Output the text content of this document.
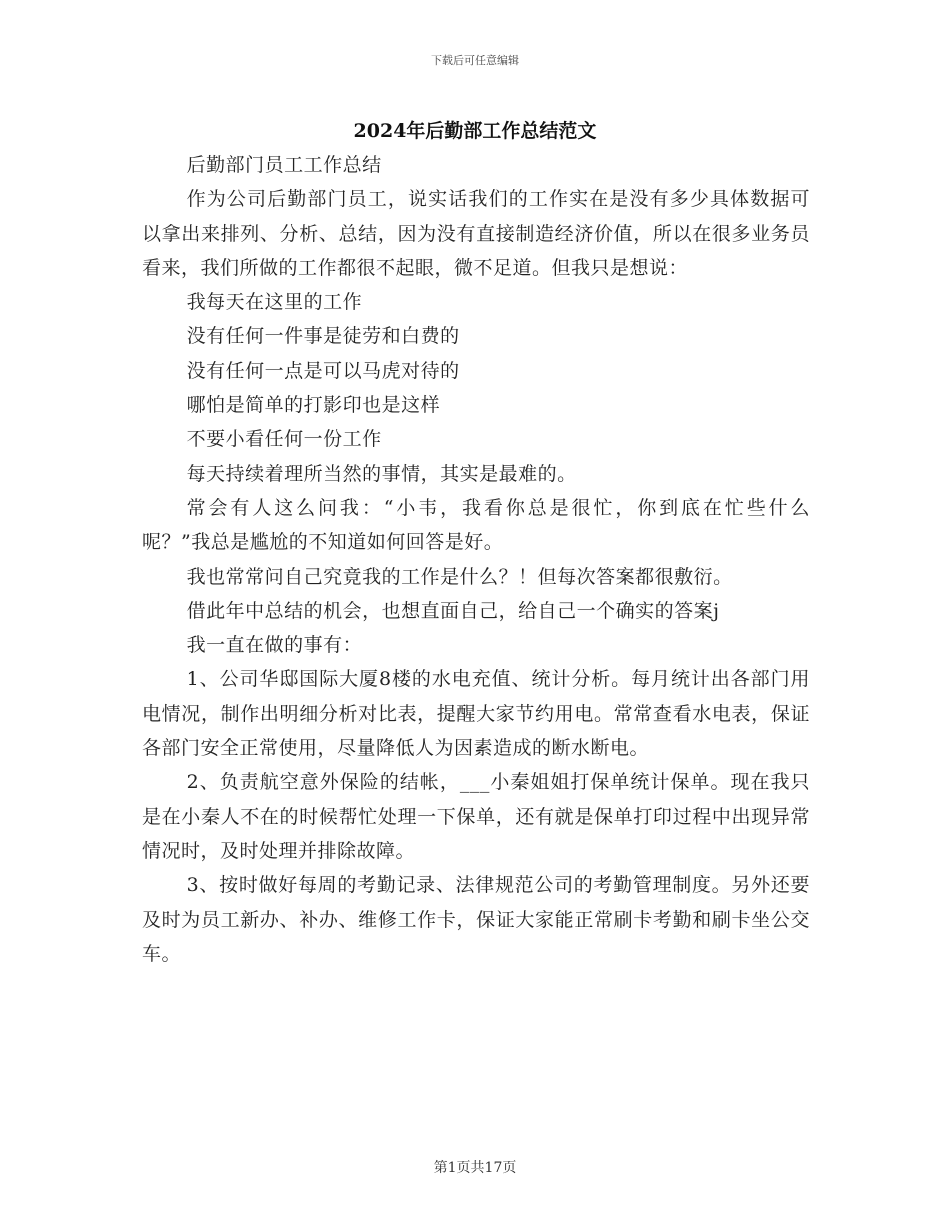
下载后可任意编辑
2024年后勤部工作总结范文

后勤部门员工工作总结

作为公司后勤部门员工，说实话我们的工作实在是没有多少具体数据可以拿出来排列、分析、总结，因为没有直接制造经济价值，所以在很多业务员看来，我们所做的工作都很不起眼，微不足道。但我只是想说：

我每天在这里的工作

没有任何一件事是徒劳和白费的

没有任何一点是可以马虎对待的

哪怕是简单的打影印也是这样

不要小看任何一份工作

每天持续着理所当然的事情，其实是最难的。

常会有人这么问我：“小韦，我看你总是很忙，你到底在忙些什么呢？”我总是尴尬的不知道如何回答是好。

我也常常问自己究竟我的工作是什么？！但每次答案都很敷衍。

借此年中总结的机会，也想直面自己，给自己一个确实的答案j

我一直在做的事有：

1、公司华邸国际大厦8楼的水电充值、统计分析。每月统计出各部门用电情况，制作出明细分析对比表，提醒大家节约用电。常常查看水电表，保证各部门安全正常使用，尽量降低人为因素造成的断水断电。

2、负责航空意外保险的结帐，___小秦姐姐打保单统计保单。现在我只是在小秦人不在的时候帮忙处理一下保单，还有就是保单打印过程中出现异常情况时，及时处理并排除故障。

3、按时做好每周的考勤记录、法律规范公司的考勤管理制度。另外还要及时为员工新办、补办、维修工作卡，保证大家能正常刷卡考勤和刷卡坐公交车。

第1页共17页
